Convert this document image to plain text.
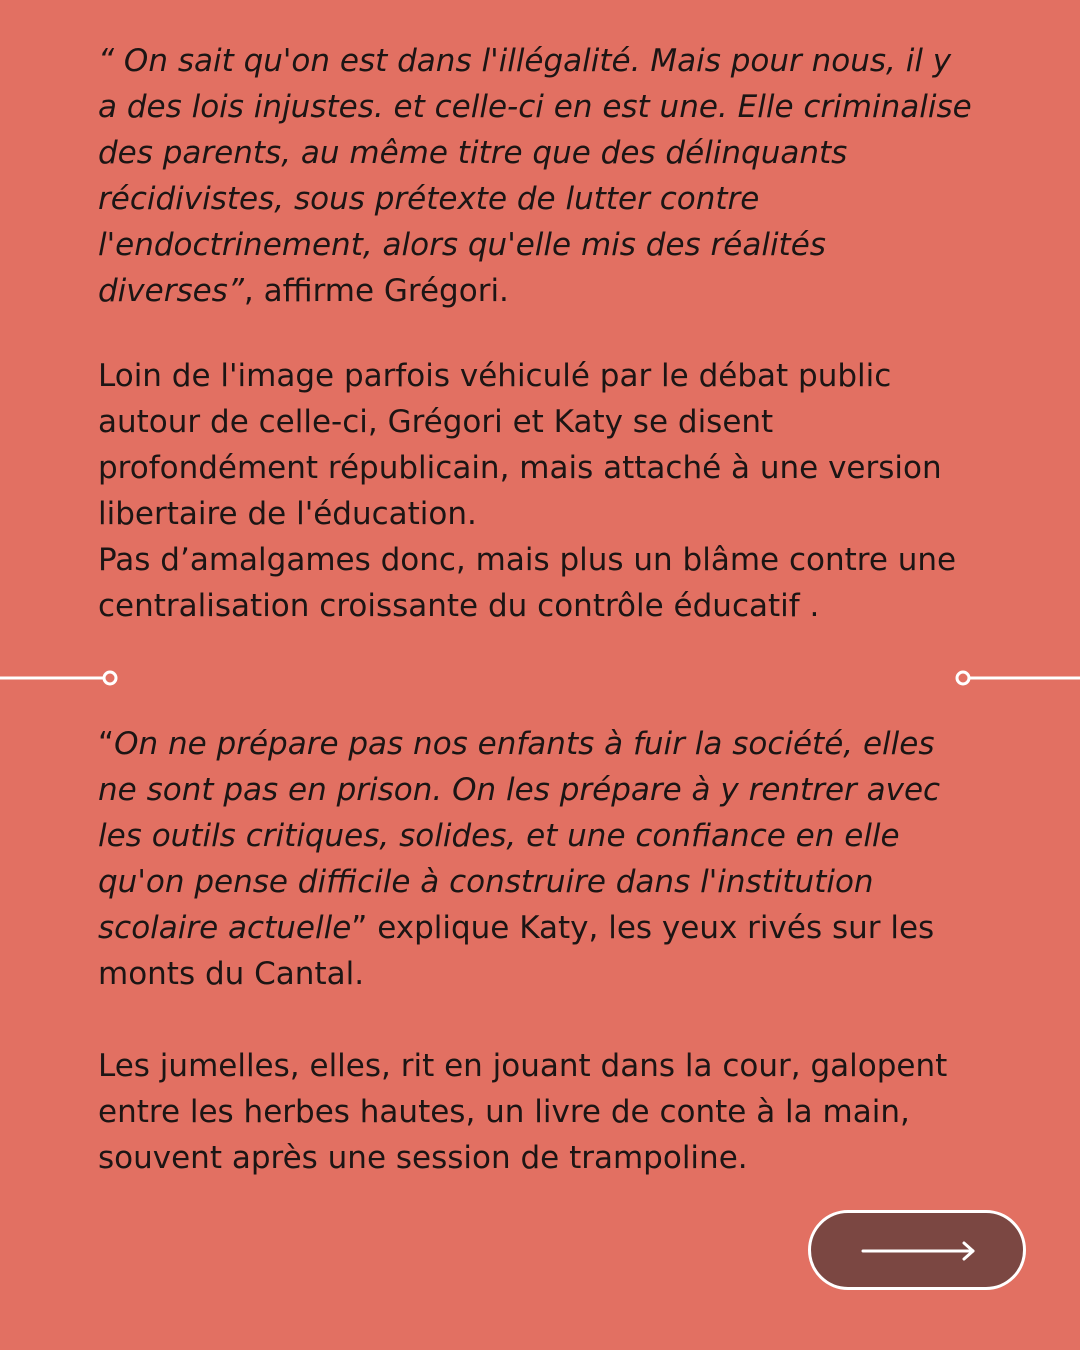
“ On sait qu'on est dans l'illégalité. Mais pour nous, il y a des lois injustes. et celle-ci en est une. Elle criminalise des parents, au même titre que des délinquants récidivistes, sous prétexte de lutter contre l'endoctrinement, alors qu'elle mis des réalités diverses”, affirme Grégori.

Loin de l'image parfois véhiculé par le débat public autour de celle-ci, Grégori et Katy se disent profondément républicain, mais attaché à une version libertaire de l'éducation.
Pas d’amalgames donc, mais plus un blâme contre une centralisation croissante du contrôle éducatif .

“On ne prépare pas nos enfants à fuir la société, elles ne sont pas en prison. On les prépare à y rentrer avec les outils critiques, solides, et une confiance en elle qu'on pense difficile à construire dans l'institution scolaire actuelle” explique Katy, les yeux rivés sur les monts du Cantal.

Les jumelles, elles, rit en jouant dans la cour, galopent entre les herbes hautes, un livre de conte à la main, souvent après une session de trampoline.
